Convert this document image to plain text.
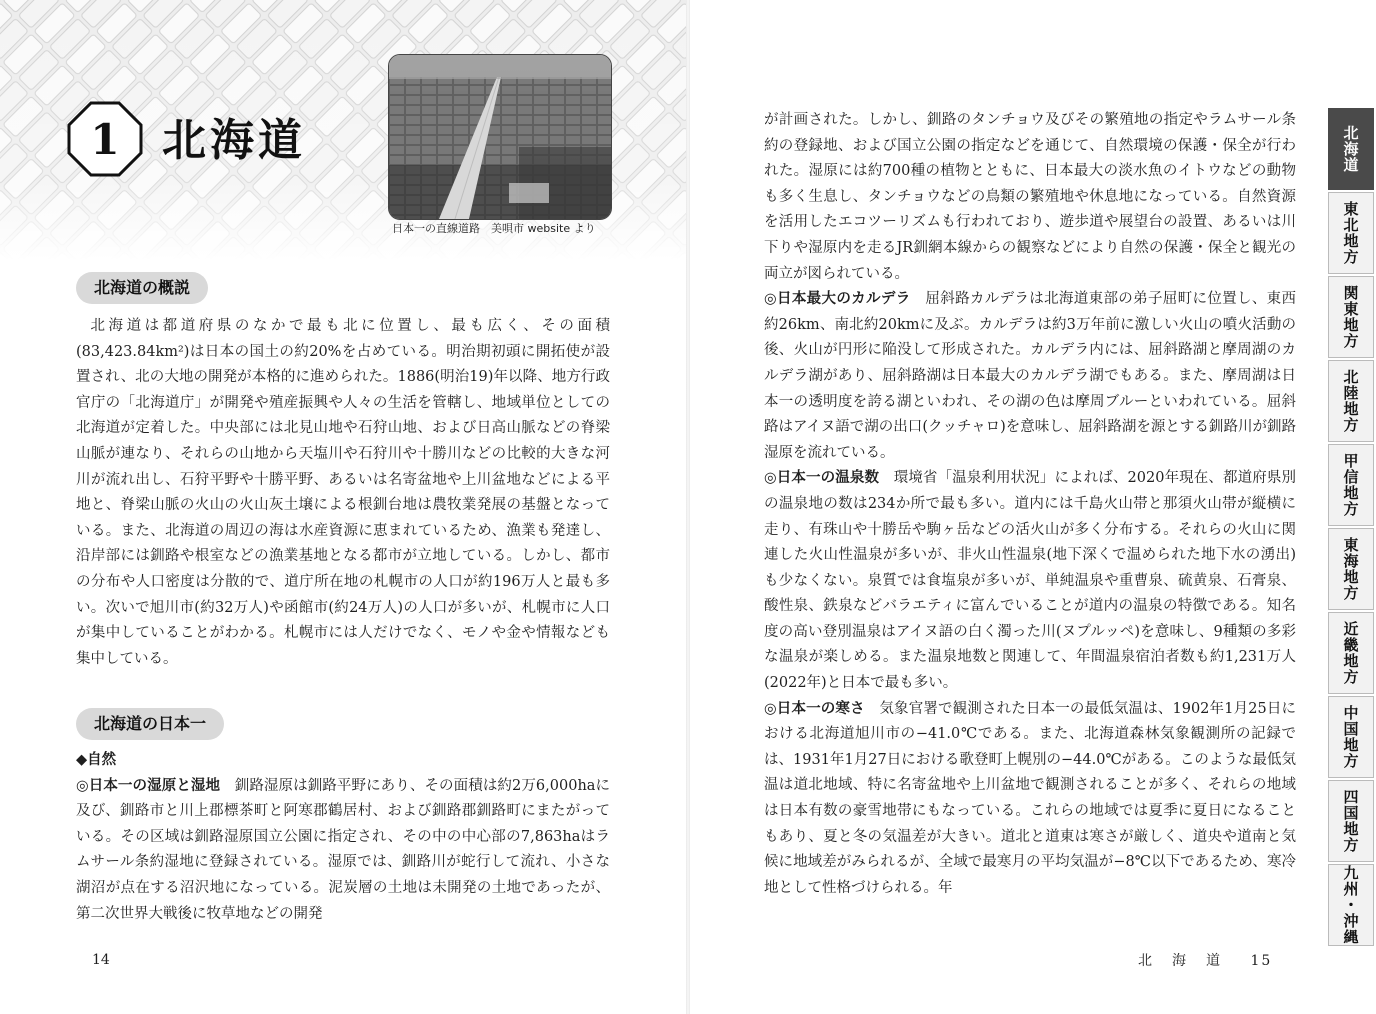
1 北海道
日本一の直線道路　美唄市 website より
北海道の概説

北海道は都道府県のなかで最も北に位置し、最も広く、その面積(83,423.84km²)は日本の国土の約20%を占めている。明治期初頭に開拓使が設置され、北の大地の開発が本格的に進められた。1886(明治19)年以降、地方行政官庁の「北海道庁」が開発や殖産振興や人々の生活を管轄し、地域単位としての北海道が定着した。中央部には北見山地や石狩山地、および日高山脈などの脊梁山脈が連なり、それらの山地から天塩川や石狩川や十勝川などの比較的大きな河川が流れ出し、石狩平野や十勝平野、あるいは名寄盆地や上川盆地などによる平地と、脊梁山脈の火山の火山灰土壌による根釧台地は農牧業発展の基盤となっている。また、北海道の周辺の海は水産資源に恵まれているため、漁業も発達し、沿岸部には釧路や根室などの漁業基地となる都市が立地している。しかし、都市の分布や人口密度は分散的で、道庁所在地の札幌市の人口が約196万人と最も多い。次いで旭川市(約32万人)や函館市(約24万人)の人口が多いが、札幌市に人口が集中していることがわかる。札幌市には人だけでなく、モノや金や情報なども集中している。

北海道の日本一

◆自然

◎日本一の湿原と湿地　 釧路湿原は釧路平野にあり、その面積は約2万6,000haに及び、釧路市と川上郡標茶町と阿寒郡鶴居村、および釧路郡釧路町にまたがっている。その区域は釧路湿原国立公園に指定され、その中の中心部の7,863haはラムサール条約湿地に登録されている。湿原では、釧路川が蛇行して流れ、小さな湖沼が点在する沼沢地になっている。泥炭層の土地は未開発の土地であったが、第二次世界大戦後に牧草地などの開発

14

が計画された。しかし、釧路のタンチョウ及びその繁殖地の指定やラムサール条約の登録地、および国立公園の指定などを通じて、自然環境の保護・保全が行われた。湿原には約700種の植物とともに、日本最大の淡水魚のイトウなどの動物も多く生息し、タンチョウなどの鳥類の繁殖地や休息地になっている。自然資源を活用したエコツーリズムも行われており、遊歩道や展望台の設置、あるいは川下りや湿原内を走るJR釧網本線からの観察などにより自然の保護・保全と観光の両立が図られている。

◎日本最大のカルデラ　 屈斜路カルデラは北海道東部の弟子屈町に位置し、東西約26km、南北約20kmに及ぶ。カルデラは約3万年前に激しい火山の噴火活動の後、火山が円形に陥没して形成された。カルデラ内には、屈斜路湖と摩周湖のカルデラ湖があり、屈斜路湖は日本最大のカルデラ湖でもある。また、摩周湖は日本一の透明度を誇る湖といわれ、その湖の色は摩周ブルーといわれている。屈斜路はアイヌ語で湖の出口(クッチャロ)を意味し、屈斜路湖を源とする釧路川が釧路湿原を流れている。

◎日本一の温泉数　 環境省「温泉利用状況」によれば、2020年現在、都道府県別の温泉地の数は234か所で最も多い。道内には千島火山帯と那須火山帯が縦横に走り、有珠山や十勝岳や駒ヶ岳などの活火山が多く分布する。それらの火山に関連した火山性温泉が多いが、非火山性温泉(地下深くで温められた地下水の湧出)も少なくない。泉質では食塩泉が多いが、単純温泉や重曹泉、硫黄泉、石膏泉、酸性泉、鉄泉などバラエティに富んでいることが道内の温泉の特徴である。知名度の高い登別温泉はアイヌ語の白く濁った川(ヌプルッペ)を意味し、9種類の多彩な温泉が楽しめる。また温泉地数と関連して、年間温泉宿泊者数も約1,231万人(2022年)と日本で最も多い。

◎日本一の寒さ　 気象官署で観測された日本一の最低気温は、1902年1月25日における北海道旭川市の−41.0℃である。また、北海道森林気象観測所の記録では、1931年1月27日における歌登町上幌別の−44.0℃がある。このような最低気温は道北地域、特に名寄盆地や上川盆地で観測されることが多く、それらの地域は日本有数の豪雪地帯にもなっている。これらの地域では夏季に夏日になることもあり、夏と冬の気温差が大きい。道北と道東は寒さが厳しく、道央や道南と気候に地域差がみられるが、全域で最寒月の平均気温が−8℃以下であるため、寒冷地として性格づけられる。年

北海道
東北地方
関東地方
北陸地方
甲信地方
東海地方
近畿地方
中国地方
四国地方
九州・沖縄
北海道 15
